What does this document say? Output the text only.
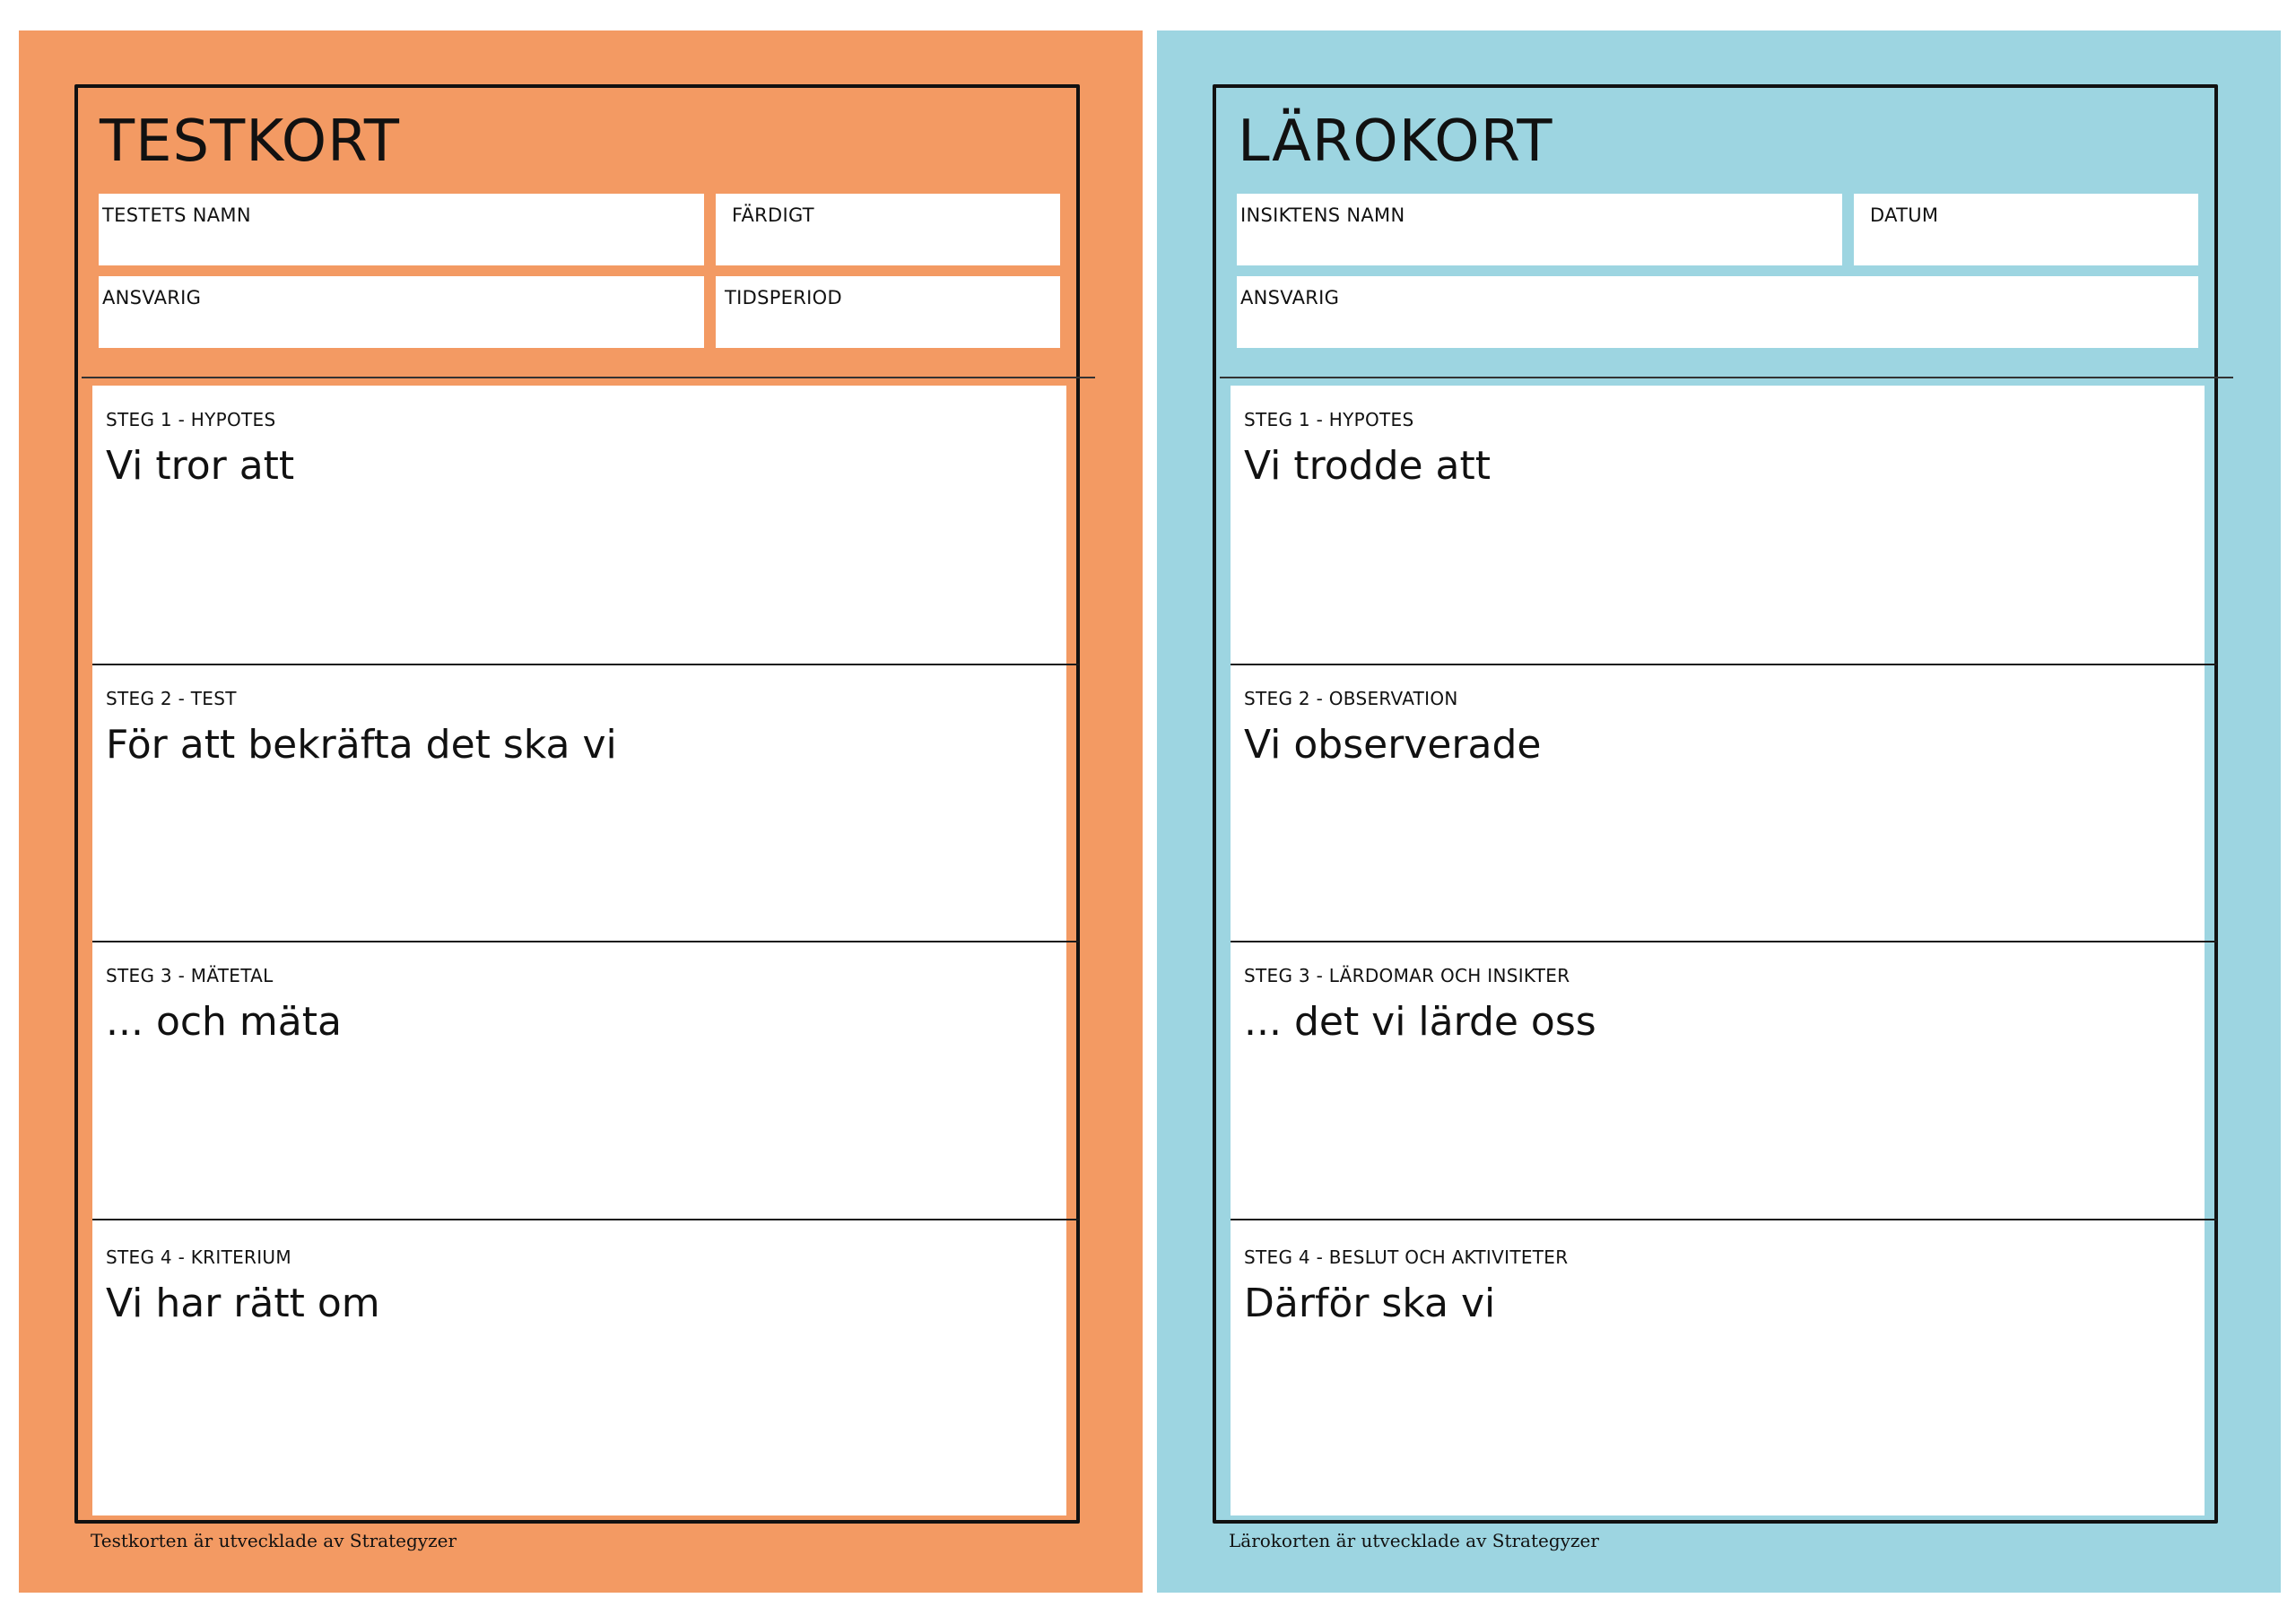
TESTKORT
TESTETS NAMN	FÄRDIGT
ANSVARIG	TIDSPERIOD
STEG 1 - HYPOTES
Vi tror att
STEG 2 - TEST
För att bekräfta det ska vi
STEG 3 - MÄTETAL
... och mäta
STEG 4 - KRITERIUM
Vi har rätt om
Testkorten är utvecklade av Strategyzer
LÄROKORT
INSIKTENS NAMN	DATUM
ANSVARIG
STEG 1 - HYPOTES
Vi trodde att
STEG 2 - OBSERVATION
Vi observerade
STEG 3 - LÄRDOMAR OCH INSIKTER
... det vi lärde oss
STEG 4 - BESLUT OCH AKTIVITETER
Därför ska vi
Lärokorten är utvecklade av Strategyzer
